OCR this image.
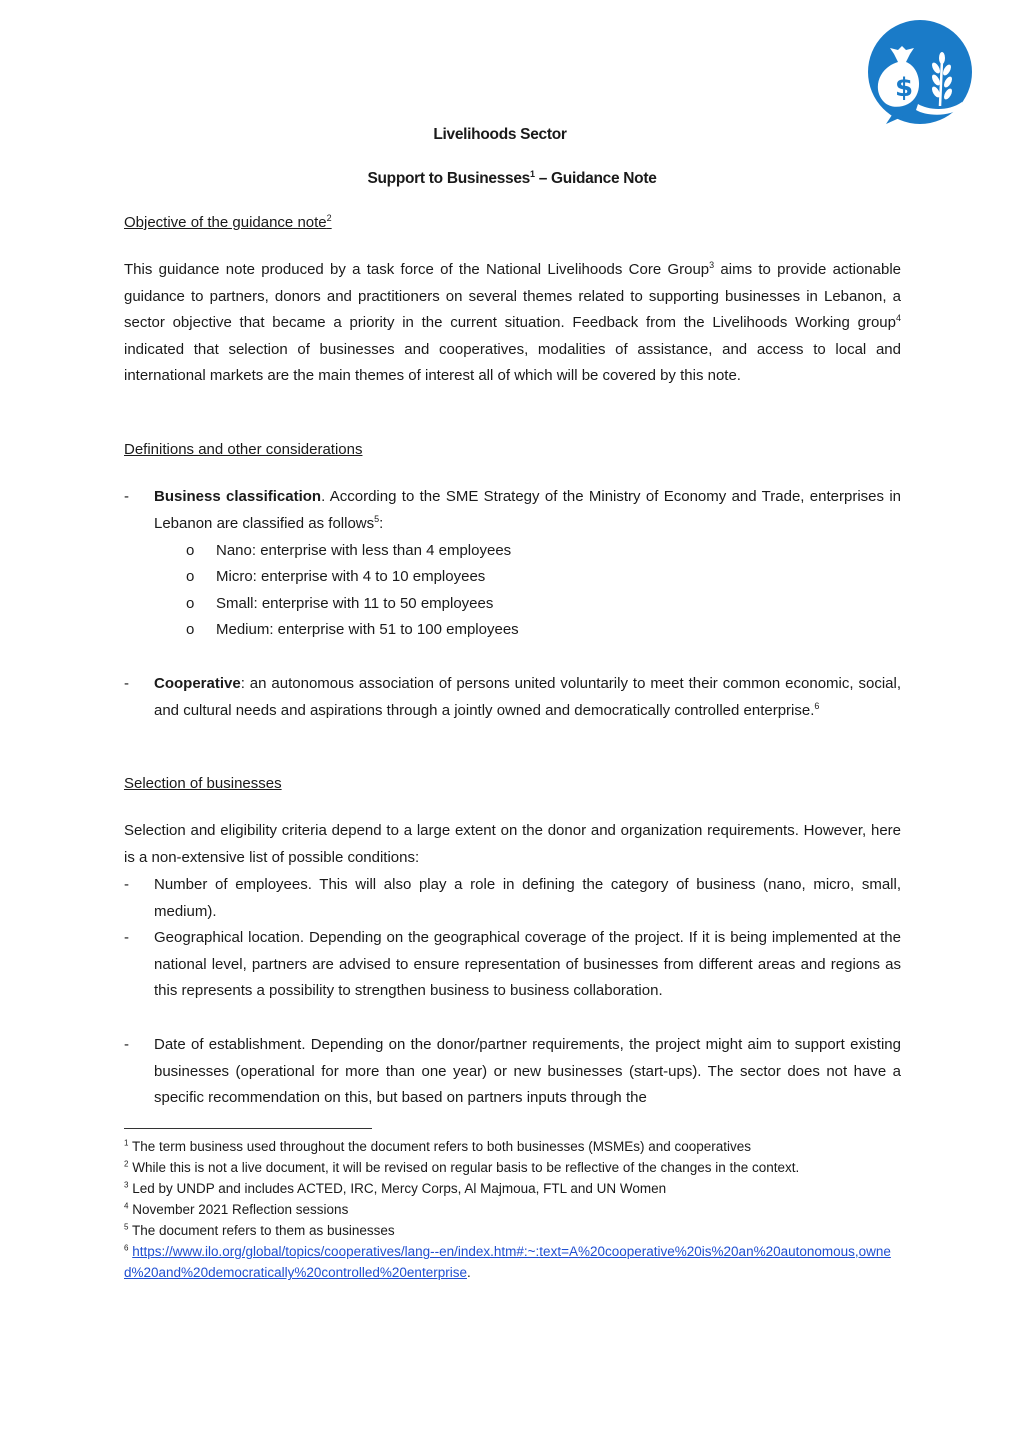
$
Livelihoods Sector
Support to Businesses$^1$ – Guidance Note
Objective of the guidance note$^2$
This guidance note produced by a task force of the National Livelihoods Core Group$^3$ aims to provide actionable guidance to partners, donors and practitioners on several themes related to supporting businesses in Lebanon, a sector objective that became a priority in the current situation. Feedback from the Livelihoods Working group$^4$ indicated that selection of businesses and cooperatives, modalities of assistance, and access to local and international markets are the main themes of interest all of which will be covered by this note.
Definitions and other considerations
-	Business classification. According to the SME Strategy of the Ministry of Economy and Trade, enterprises in Lebanon are classified as follows$^5$:
o Nano: enterprise with less than 4 employees
o Micro: enterprise with 4 to 10 employees
o Small: enterprise with 11 to 50 employees
o Medium: enterprise with 51 to 100 employees
-	Cooperative: an autonomous association of persons united voluntarily to meet their common economic, social, and cultural needs and aspirations through a jointly owned and democratically controlled enterprise.$^6$
Selection of businesses
Selection and eligibility criteria depend to a large extent on the donor and organization requirements. However, here is a non-extensive list of possible conditions:
-	Number of employees. This will also play a role in defining the category of business (nano, micro, small, medium).
-	Geographical location. Depending on the geographical coverage of the project. If it is being implemented at the national level, partners are advised to ensure representation of businesses from different areas and regions as this represents a possibility to strengthen business to business collaboration.
-	Date of establishment. Depending on the donor/partner requirements, the project might aim to support existing businesses (operational for more than one year) or new businesses (start-ups). The sector does not have a specific recommendation on this, but based on partners inputs through the

$^1$ The term business used throughout the document refers to both businesses (MSMEs) and cooperatives

$^2$ While this is not a live document, it will be revised on regular basis to be reflective of the changes in the context.

$^3$ Led by UNDP and includes ACTED, IRC, Mercy Corps, Al Majmoua, FTL and UN Women

$^4$ November 2021 Reflection sessions

$^5$ The document refers to them as businesses

$^6$ https://www.ilo.org/global/topics/cooperatives/lang--en/index.htm#:~:text=A%20cooperative%20is%20an%20autonomous,owned%20and%20democratically%20controlled%20enterprise.
